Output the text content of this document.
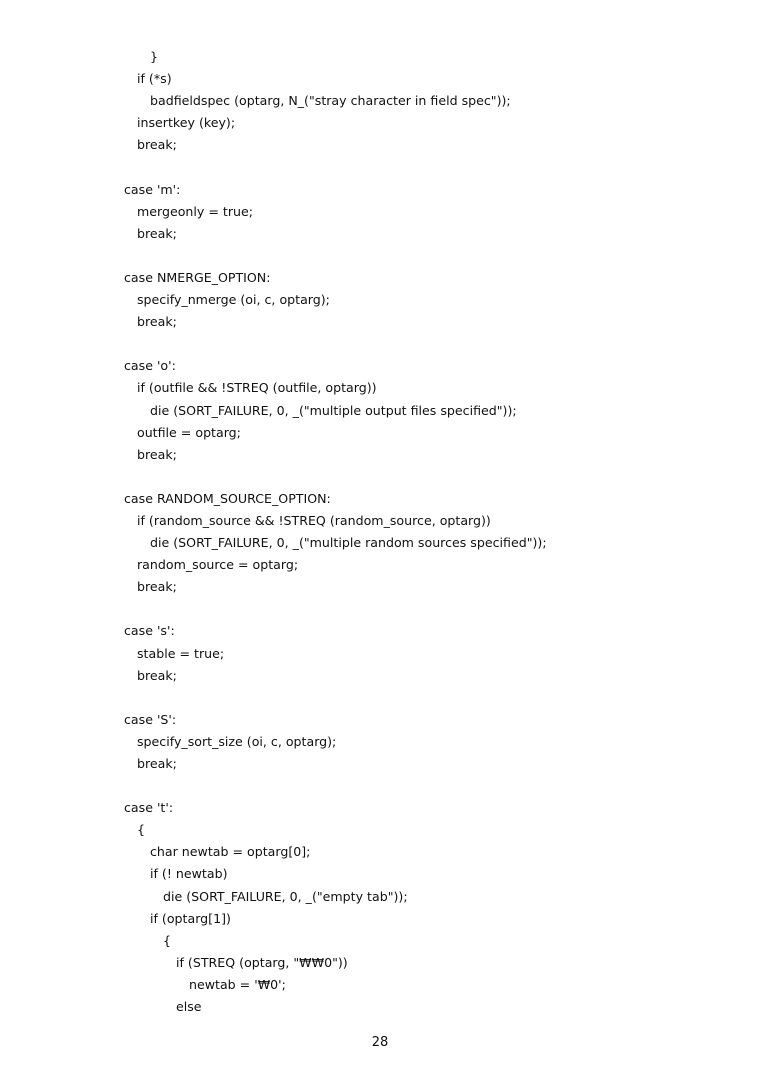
}
if (*s)
badfieldspec (optarg, N_("stray character in field spec"));
insertkey (key);
break;
case 'm':
mergeonly = true;
break;
case NMERGE_OPTION:
specify_nmerge (oi, c, optarg);
break;
case 'o':
if (outfile && !STREQ (outfile, optarg))
die (SORT_FAILURE, 0, _("multiple output files specified"));
outfile = optarg;
break;
case RANDOM_SOURCE_OPTION:
if (random_source && !STREQ (random_source, optarg))
die (SORT_FAILURE, 0, _("multiple random sources specified"));
random_source = optarg;
break;
case 's':
stable = true;
break;
case 'S':
specify_sort_size (oi, c, optarg);
break;
case 't':
{
char newtab = optarg[0];
if (! newtab)
die (SORT_FAILURE, 0, _("empty tab"));
if (optarg[1])
{
if (STREQ (optarg, "₩₩0"))
newtab = '₩0';
else
28
